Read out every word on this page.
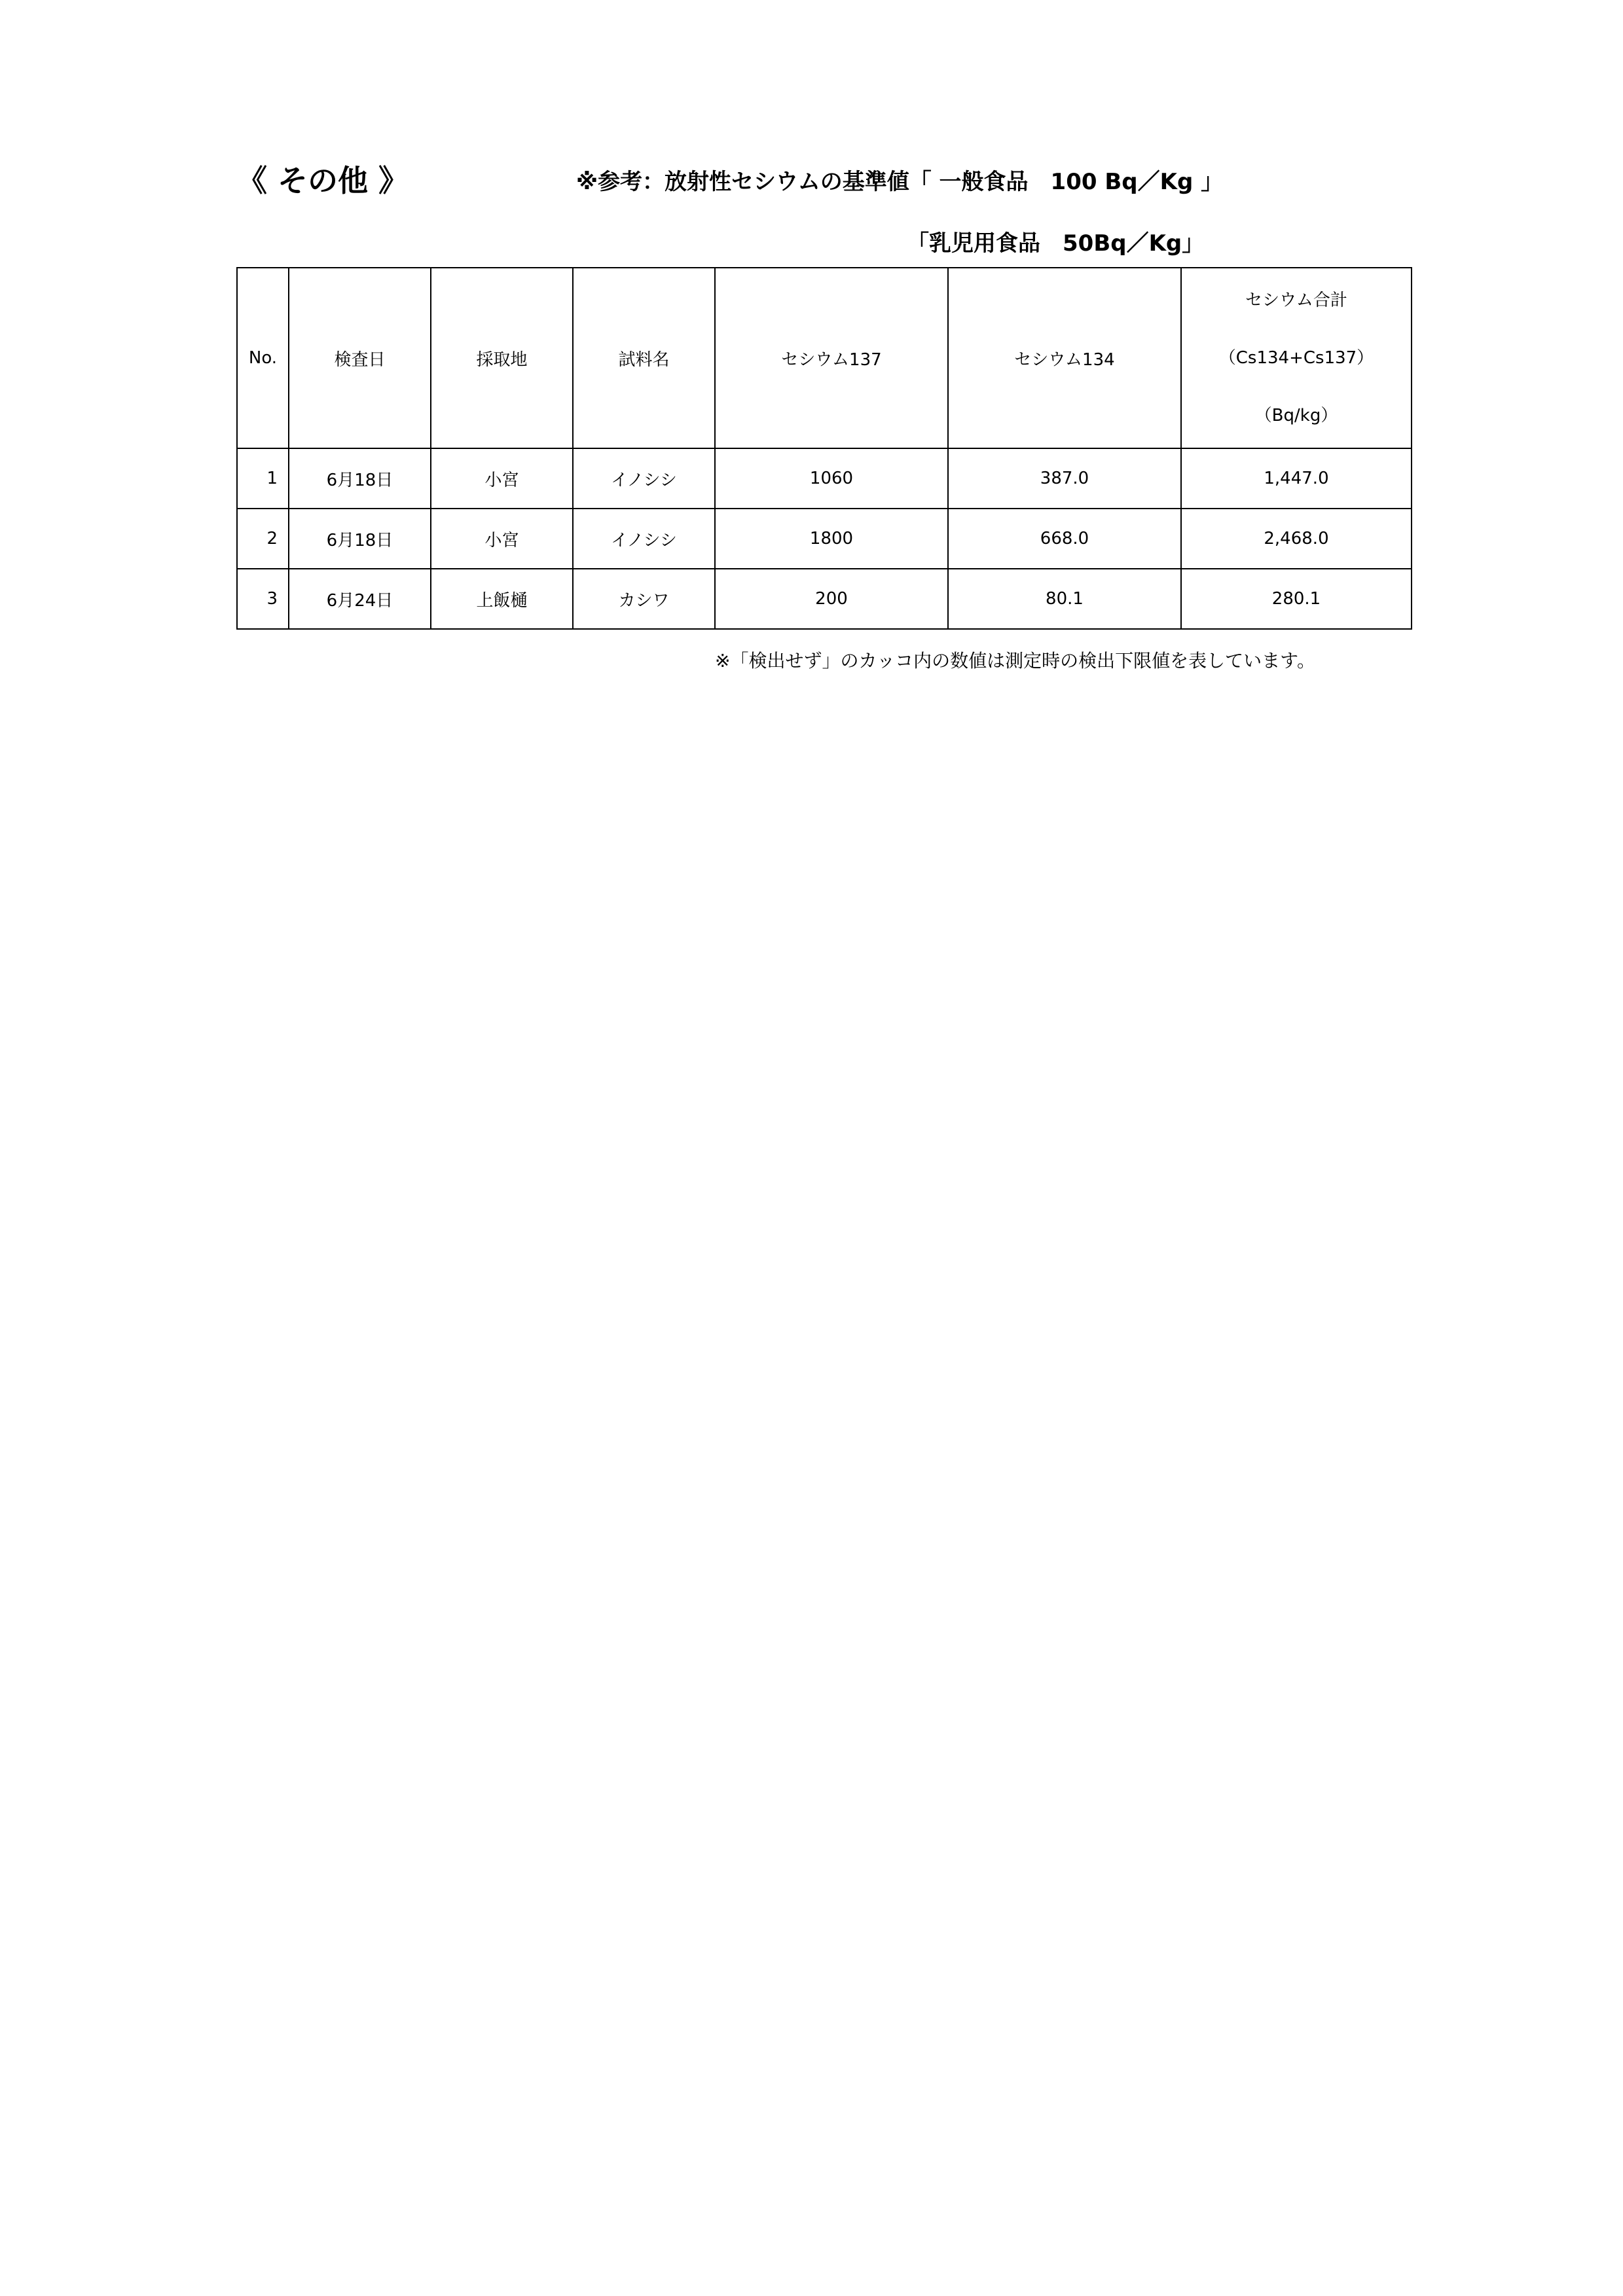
《 その他 》	※参考：放射性セシウムの基準値「 一般食品　100 Bq／Kg 」
「乳児用食品　50Bq／Kg」
No.	検査日	採取地	試料名	セシウム137	セシウム134	セシウム合計
（Cs134+Cs137）
（Bq/kg）

1	6月18日	小宮	イノシシ	1060	387.0	1,447.0
2	6月18日	小宮	イノシシ	1800	668.0	2,468.0
3	6月24日	上飯樋	カシワ	200	80.1	280.1
※「検出せず」のカッコ内の数値は測定時の検出下限値を表しています。
